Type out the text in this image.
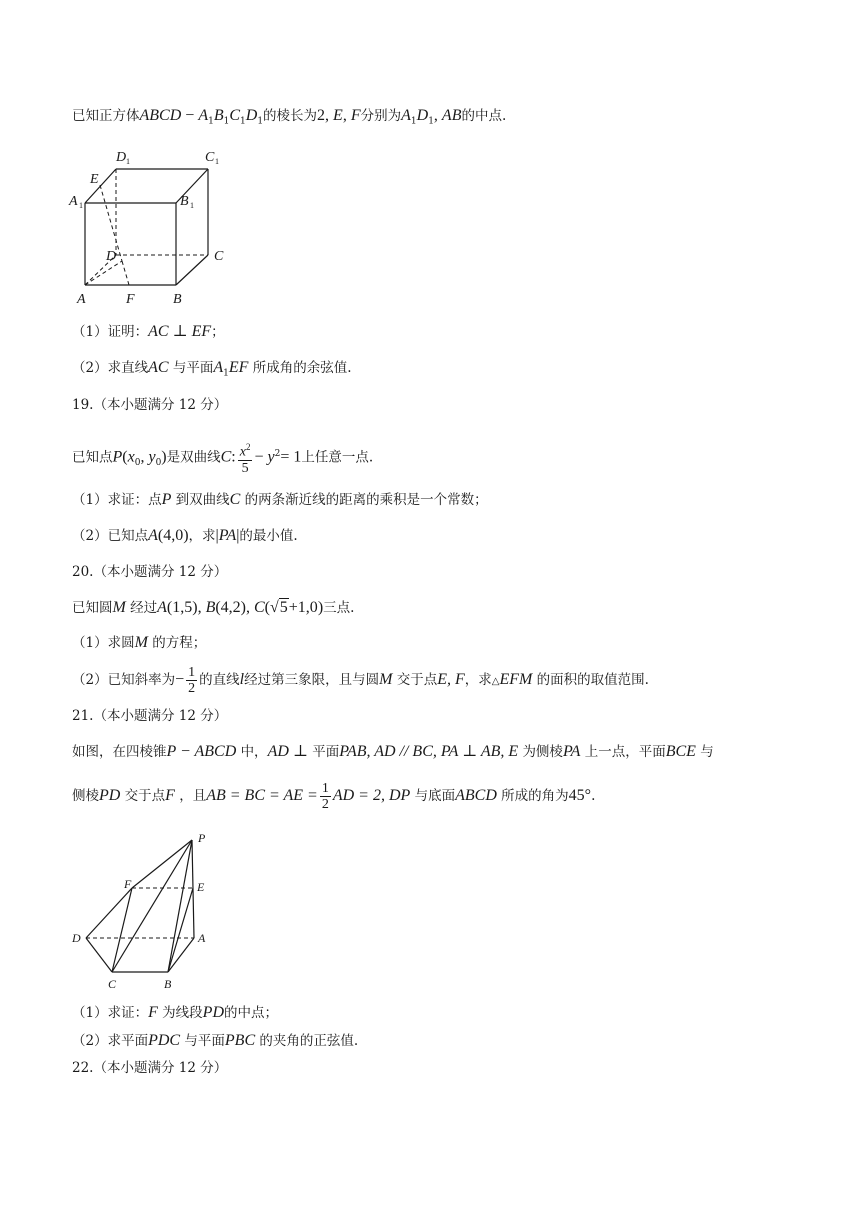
已知正方体ABCD − $A_1B_1C_1D_1$的棱长为2, E, F分别为$A_1D_1$, AB的中点.
D 1	C 1
E
A 1	B 1
D	C
A	F	B
（1）证明：AC ⊥ EF；
（2）求直线AC 与平面$A_1EF$ 所成角的余弦值.
19.（本小题满分 12 分）
已知点$P(x_0$, $y_0$)是双曲线C: $\frac{x^2}{5} - y^2= 1$上任意一点.
（1）求证：点P 到双曲线C 的两条渐近线的距离的乘积是一个常数；
（2）已知点A(4,0)，求|PA|的最小值.
20.（本小题满分 12 分）
已知圆M 经过A(1,5), B(4,2), C(√5+1,0)三点.
（1）求圆M 的方程；
（2）已知斜率为− $\frac{1}{2}$ 的直线l经过第三象限，且与圆M 交于点E, F，求△EFM 的面积的取值范围.
21.（本小题满分 12 分）
如图，在四棱锥P − ABCD 中，AD ⊥ 平面PAB, AD // BC, PA ⊥ AB, E 为侧棱PA 上一点，平面BCE 与
侧棱PD 交于点F ，且AB = BC = AE = $\frac{1}{2}$ AD = 2, DP 与底面ABCD 所成的角为45°.
P
F	E
D	A
C	B
（1）求证：F 为线段PD的中点；
（2）求平面PDC 与平面PBC 的夹角的正弦值.
22.（本小题满分 12 分）
